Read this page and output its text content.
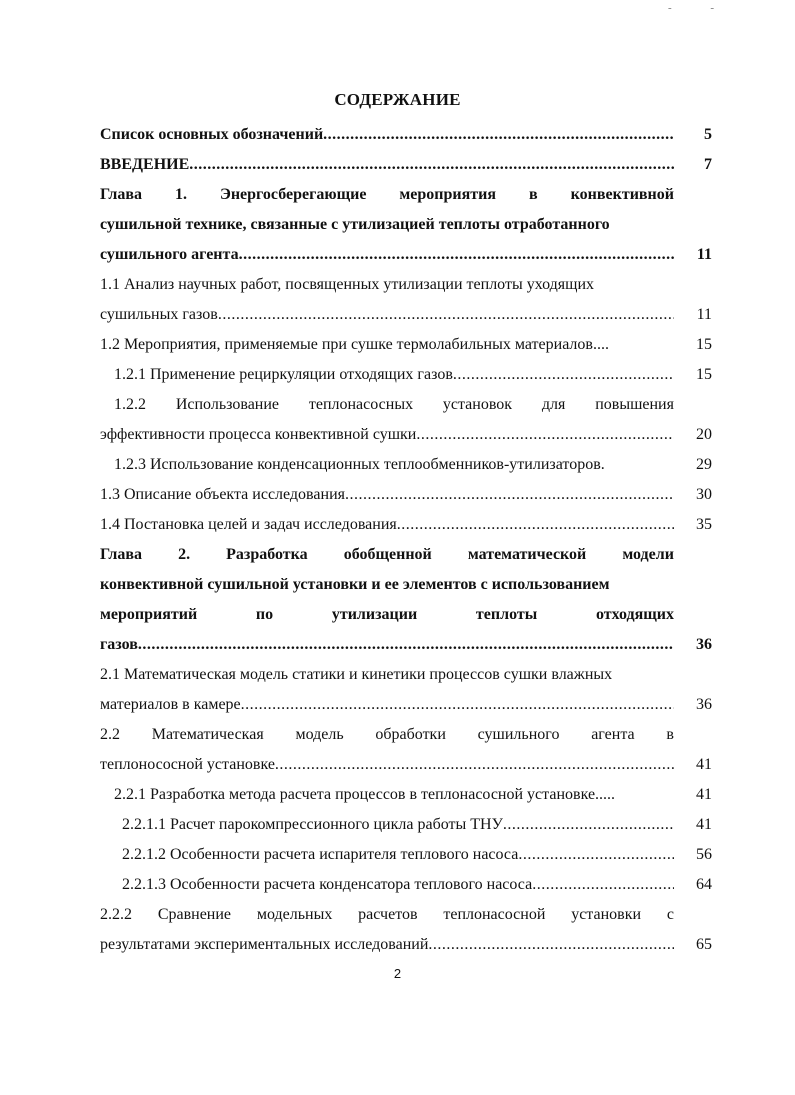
- -
СОДЕРЖАНИЕ
Список основных обозначений .....	5
ВВЕДЕНИЕ .....	7
Глава 1. Энергосберегающие мероприятия в конвективной
сушильной технике, связанные с утилизацией теплоты отработанного
сушильного агента .....	11
1.1 Анализ научных работ, посвященных утилизации теплоты уходящих
сушильных газов .....	11
1.2 Мероприятия, применяемые при сушке термолабильных материалов....	15
1.2.1 Применение рециркуляции отходящих газов .....	15
1.2.2 Использование теплонасосных установок для повышения
эффективности процесса конвективной сушки .....	20
1.2.3 Использование конденсационных теплообменников-утилизаторов.	29
1.3 Описание объекта исследования .....	30
1.4 Постановка целей и задач исследования .....	35
Глава 2. Разработка обобщенной математической модели
конвективной сушильной установки и ее элементов с использованием
мероприятий	по	утилизации	теплоты	отходящих
газов .....	36
2.1 Математическая модель статики и кинетики процессов сушки влажных
материалов в камере .....	36
2.2 Математическая модель обработки сушильного агента в
теплоносоcной установке .....	41
2.2.1 Разработка метода расчета процессов в теплонасосной установке.....	41
2.2.1.1 Расчет парокомпрессионного цикла работы ТНУ .....	41
2.2.1.2 Особенности расчета испарителя теплового насоса .....	56
2.2.1.3 Особенности расчета конденсатора теплового насоса .....	64
2.2.2 Сравнение модельных расчетов теплонасосной установки с
результатами экспериментальных исследований .....	65
2
